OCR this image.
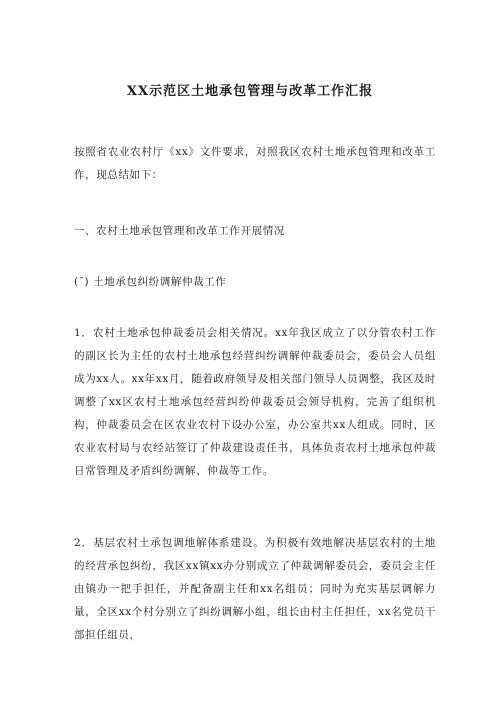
XX示范区土地承包管理与改革工作汇报
按照省农业农村厅《xx》文件要求，对照我区农村土地承包管理和改革工作，现总结如下：
一、农村土地承包管理和改革工作开展情况
(¯) 土地承包纠纷调解仲裁工作
1．农村土地承包仲裁委员会相关情况。xx年我区成立了以分管农村工作的副区长为主任的农村土地承包经营纠纷调解仲裁委员会，委员会人员组成为xx人。xx年xx月，随着政府领导及相关部门领导人员调整，我区及时调整了xx区农村土地承包经营纠纷仲裁委员会领导机构，完善了组织机构，仲裁委员会在区农业农村下设办公室，办公室共xx人组成。同时，区农业农村局与农经站签订了仲裁建设责任书，具体负责农村土地承包仲裁日常管理及矛盾纠纷调解、仲裁等工作。
2．基层农村土承包调地解体系建设。为积极有效地解决基层农村的土地的经营承包纠纷，我区xx镇xx办分别成立了仲裁调解委员会，委员会主任由镇办一把手担任，并配备副主任和xx名组员；同时为充实基层调解力量，全区xx个村分别立了纠纷调解小组，组长由村主任担任，xx名党员干部担任组员，
